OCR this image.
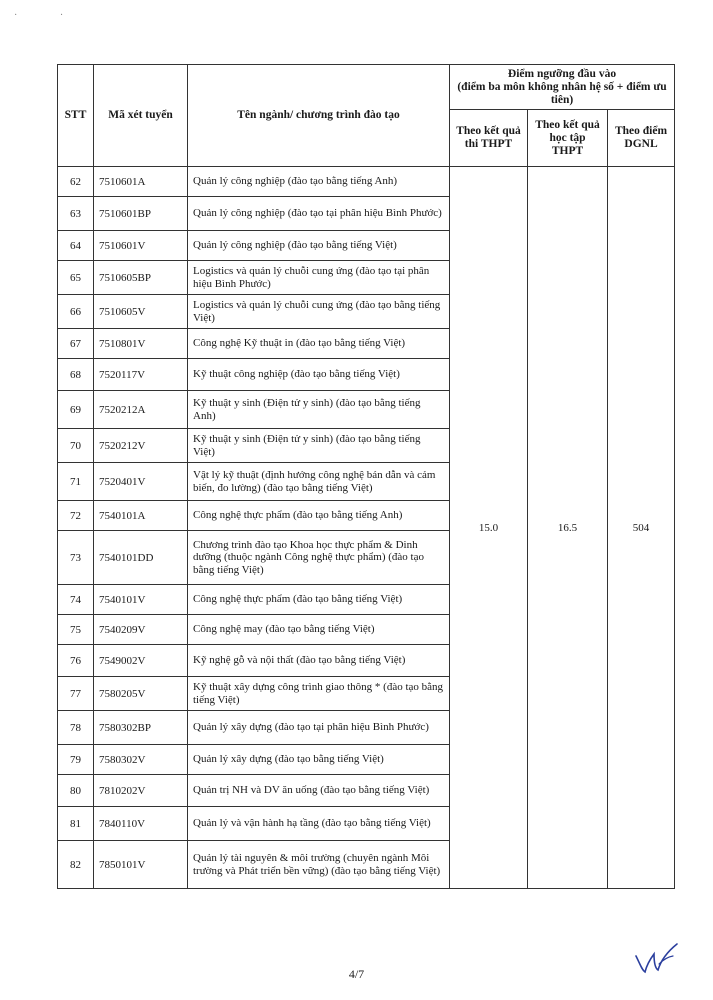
· ·
STT	Mã xét tuyển	Tên ngành/ chương trình đào tạo	Điểm ngưỡng đầu vào
(điểm ba môn không nhân hệ số + điểm ưu tiên)		
			Theo kết quả thi THPT	Theo kết quả học tập THPT	Theo điểm DGNL
62	7510601A	Quản lý công nghiệp (đào tạo bằng tiếng Anh)	15.0	16.5	504
63	7510601BP	Quản lý công nghiệp (đào tạo tại phân hiệu Bình Phước)			
64	7510601V	Quản lý công nghiệp (đào tạo bằng tiếng Việt)			
65	7510605BP	Logistics và quản lý chuỗi cung ứng (đào tạo tại phân hiệu Bình Phước)			
66	7510605V	Logistics và quản lý chuỗi cung ứng (đào tạo bằng tiếng Việt)			
67	7510801V	Công nghệ Kỹ thuật in (đào tạo bằng tiếng Việt)			
68	7520117V	Kỹ thuật công nghiệp (đào tạo bằng tiếng Việt)			
69	7520212A	Kỹ thuật y sinh (Điện tử y sinh) (đào tạo bằng tiếng Anh)			
70	7520212V	Kỹ thuật y sinh (Điện tử y sinh) (đào tạo bằng tiếng Việt)			
71	7520401V	Vật lý kỹ thuật (định hướng công nghệ bán dẫn và cảm biến, đo lường) (đào tạo bằng tiếng Việt)			
72	7540101A	Công nghệ thực phẩm (đào tạo bằng tiếng Anh)			
73	7540101DD	Chương trình đào tạo Khoa học thực phẩm & Dinh dưỡng (thuộc ngành Công nghệ thực phẩm) (đào tạo bằng tiếng Việt)			
74	7540101V	Công nghệ thực phẩm (đào tạo bằng tiếng Việt)			
75	7540209V	Công nghệ may (đào tạo bằng tiếng Việt)			
76	7549002V	Kỹ nghệ gỗ và nội thất (đào tạo bằng tiếng Việt)			
77	7580205V	Kỹ thuật xây dựng công trình giao thông * (đào tạo bằng tiếng Việt)			
78	7580302BP	Quản lý xây dựng (đào tạo tại phân hiệu Bình Phước)			
79	7580302V	Quản lý xây dựng (đào tạo bằng tiếng Việt)			
80	7810202V	Quản trị NH và DV ăn uống (đào tạo bằng tiếng Việt)			
81	7840110V	Quản lý và vận hành hạ tầng (đào tạo bằng tiếng Việt)			
82	7850101V	Quản lý tài nguyên & môi trường (chuyên ngành Môi trường và Phát triển bền vững) (đào tạo bằng tiếng Việt)			
4/7
